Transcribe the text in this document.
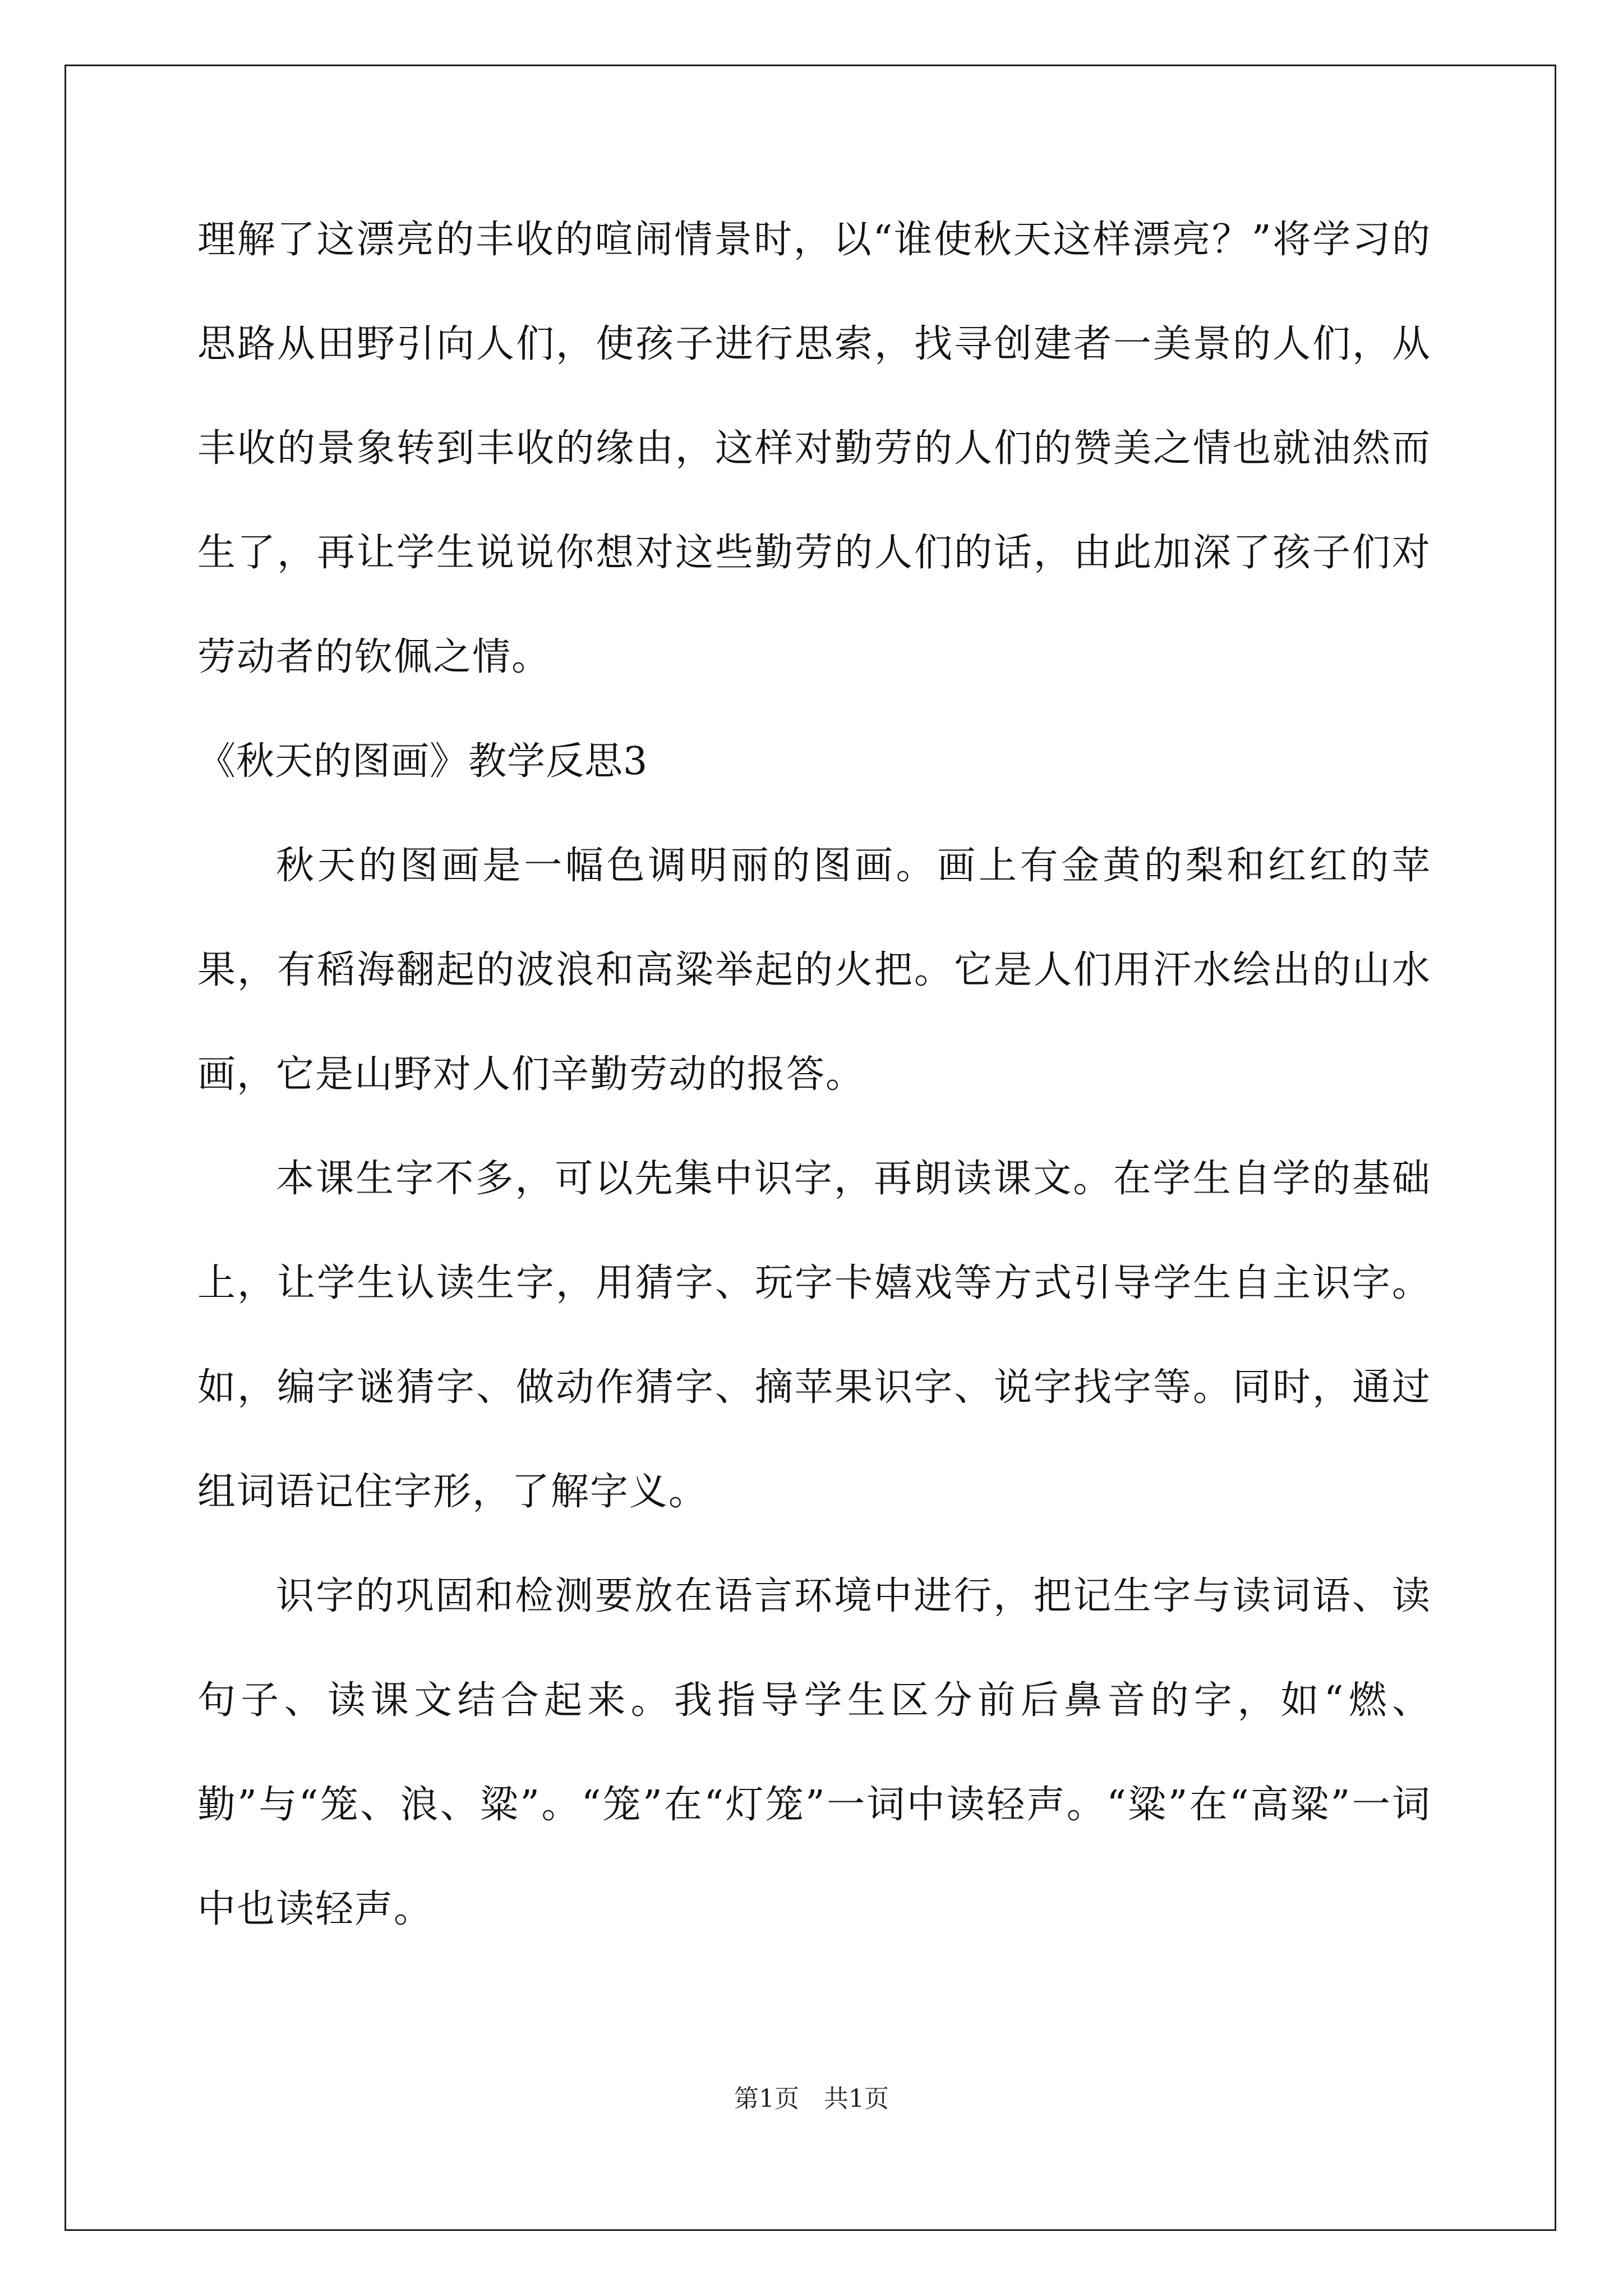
理解了这漂亮的丰收的喧闹情景时，以“谁使秋天这样漂亮？”将学习的思路从田野引向人们，使孩子进行思索，找寻创建者一美景的人们，从丰收的景象转到丰收的缘由，这样对勤劳的人们的赞美之情也就油然而生了，再让学生说说你想对这些勤劳的人们的话，由此加深了孩子们对劳动者的钦佩之情。

《秋天的图画》教学反思3

秋天的图画是一幅色调明丽的图画。画上有金黄的梨和红红的苹果，有稻海翻起的波浪和高粱举起的火把。它是人们用汗水绘出的山水画，它是山野对人们辛勤劳动的报答。

本课生字不多，可以先集中识字，再朗读课文。在学生自学的基础上，让学生认读生字，用猜字、玩字卡嬉戏等方式引导学生自主识字。如，编字谜猜字、做动作猜字、摘苹果识字、说字找字等。同时，通过组词语记住字形，了解字义。

识字的巩固和检测要放在语言环境中进行，把记生字与读词语、读句子、读课文结合起来。我指导学生区分前后鼻音的字，如“燃、勤”与“笼、浪、粱”。“笼”在“灯笼”一词中读轻声。“粱”在“高粱”一词中也读轻声。

第1页　共1页
